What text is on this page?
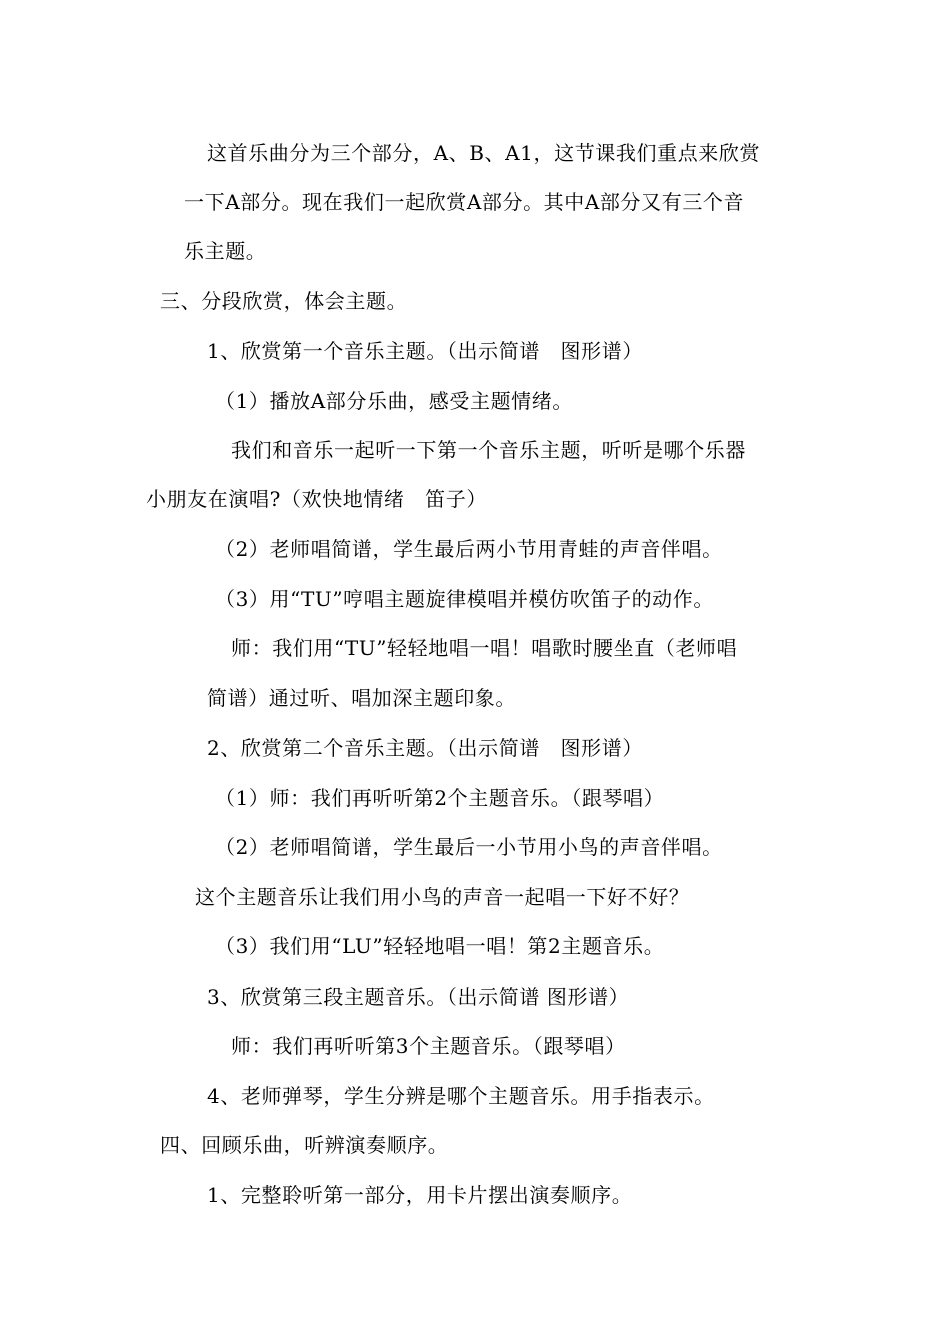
这首乐曲分为三个部分，A、B、A1，这节课我们重点来欣赏
一下A部分。现在我们一起欣赏A部分。其中A部分又有三个音
乐主题。
三、分段欣赏，体会主题。
1、欣赏第一个音乐主题。（出示简谱　图形谱）
（1）播放A部分乐曲，感受主题情绪。
我们和音乐一起听一下第一个音乐主题，听听是哪个乐器
小朋友在演唱?（欢快地情绪　笛子）
（2）老师唱简谱，学生最后两小节用青蛙的声音伴唱。
（3）用“TU”哼唱主题旋律模唱并模仿吹笛子的动作。
师：我们用“TU”轻轻地唱一唱！唱歌时腰坐直（老师唱
简谱）通过听、唱加深主题印象。
2、欣赏第二个音乐主题。（出示简谱　图形谱）
（1）师：我们再听听第2个主题音乐。（跟琴唱）
（2）老师唱简谱，学生最后一小节用小鸟的声音伴唱。
这个主题音乐让我们用小鸟的声音一起唱一下好不好？
（3）我们用“LU”轻轻地唱一唱！第2主题音乐。
3、欣赏第三段主题音乐。（出示简谱 图形谱）
师：我们再听听第3个主题音乐。（跟琴唱）
4、老师弹琴，学生分辨是哪个主题音乐。用手指表示。
四、回顾乐曲，听辨演奏顺序。
1、完整聆听第一部分，用卡片摆出演奏顺序。
